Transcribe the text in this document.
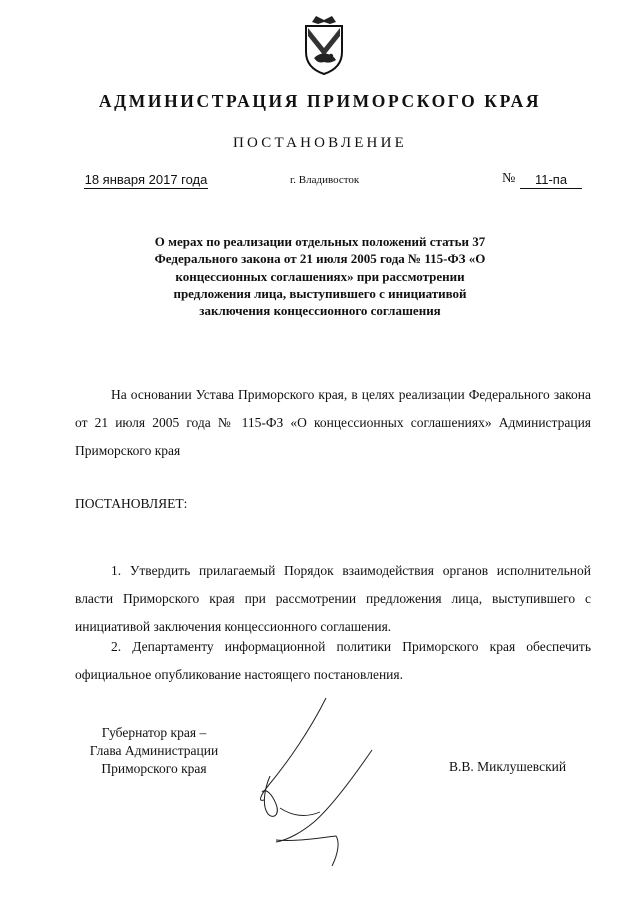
АДМИНИСТРАЦИЯ ПРИМОРСКОГО КРАЯ
ПОСТАНОВЛЕНИЕ
18 января 2017 года	г. Владивосток	№	11-па
О мерах по реализации отдельных положений статьи 37 Федерального закона от 21 июля 2005 года № 115-ФЗ «О концессионных соглашениях» при рассмотрении предложения лица, выступившего с инициативой заключения концессионного соглашения
На основании Устава Приморского края, в целях реализации Федерального закона от 21 июля 2005 года № 115-ФЗ «О концессионных соглашениях» Администрация Приморского края
ПОСТАНОВЛЯЕТ:
1. Утвердить прилагаемый Порядок взаимодействия органов исполнительной власти Приморского края при рассмотрении предложения лица, выступившего с инициативой заключения концессионного соглашения.
2. Департаменту информационной политики Приморского края обеспечить официальное опубликование настоящего постановления.
Губернатор края –
Глава Администрации
Приморского края	В.В. Миклушевский
